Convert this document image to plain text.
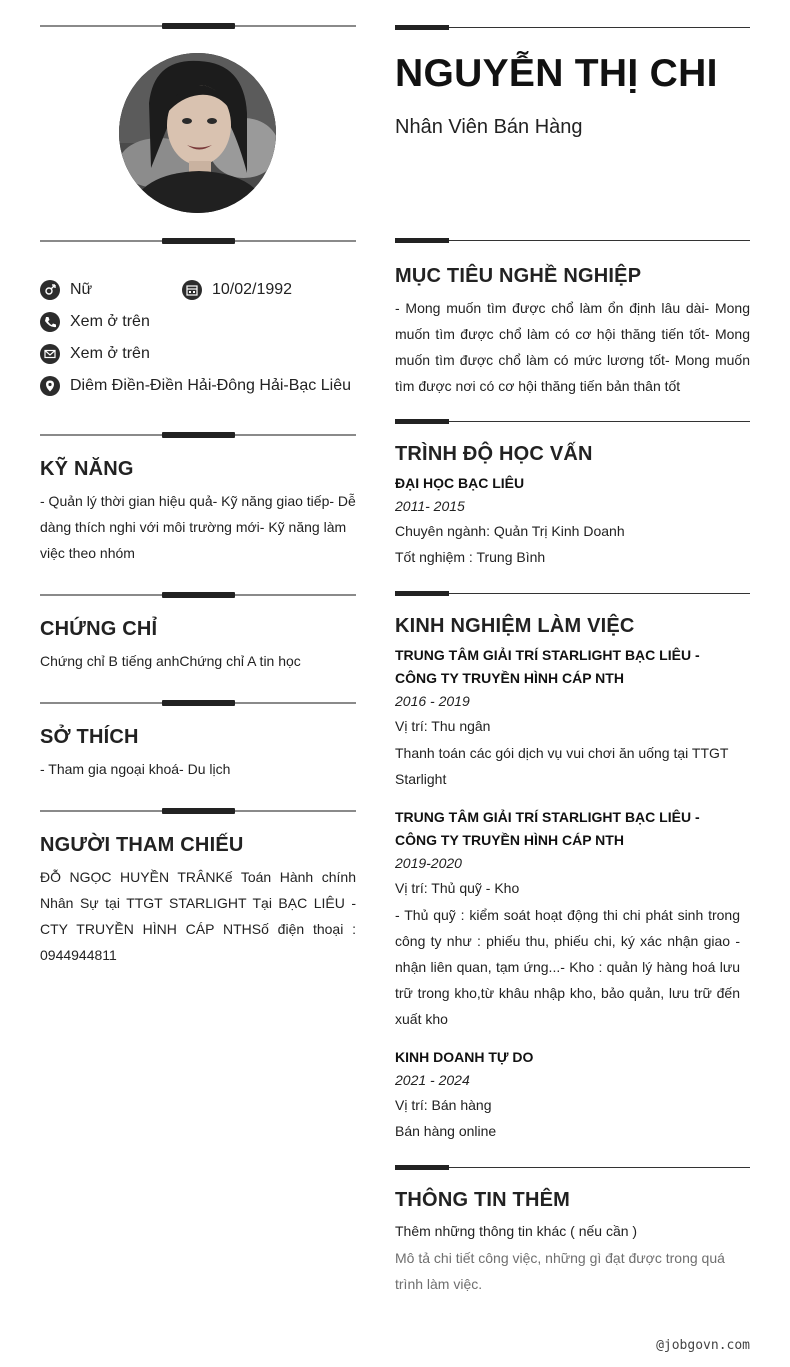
Nữ	10/02/1992
Xem ở trên
Xem ở trên
Diêm Điền-Điền Hải-Đông Hải-Bạc Liêu
KỸ NĂNG
- Quản lý thời gian hiệu quả- Kỹ năng giao tiếp- Dễ dàng thích nghi với môi trường mới- Kỹ năng làm việc theo nhóm
CHỨNG CHỈ
Chứng chỉ B tiếng anhChứng chỉ A tin học
SỞ THÍCH
- Tham gia ngoại khoá- Du lịch
NGƯỜI THAM CHIẾU
ĐỖ NGỌC HUYỀN TRÂNKế Toán Hành chính Nhân Sự tại TTGT STARLIGHT Tại BẠC LIÊU - CTY TRUYỀN HÌNH CÁP NTHSố điện thoại : 0944944811
NGUYỄN THỊ CHI
Nhân Viên Bán Hàng
MỤC TIÊU NGHỀ NGHIỆP
- Mong muốn tìm được chổ làm ổn định lâu dài- Mong muốn tìm được chổ làm có cơ hội thăng tiến tốt- Mong muốn tìm được chổ làm có mức lương tốt- Mong muốn tìm được nơi có cơ hội thăng tiến bản thân tốt
TRÌNH ĐỘ HỌC VẤN
ĐẠI HỌC BẠC LIÊU
2011- 2015
Chuyên ngành: Quản Trị Kinh Doanh
Tốt nghiệm : Trung Bình
KINH NGHIỆM LÀM VIỆC
TRUNG TÂM GIẢI TRÍ STARLIGHT BẠC LIÊU - CÔNG TY TRUYỀN HÌNH CÁP NTH
2016 - 2019
Vị trí: Thu ngân
Thanh toán các gói dịch vụ vui chơi ăn uống tại TTGT Starlight
TRUNG TÂM GIẢI TRÍ STARLIGHT BẠC LIÊU -CÔNG TY TRUYỀN HÌNH CÁP NTH
2019-2020
Vị trí: Thủ quỹ - Kho
- Thủ quỹ : kiểm soát hoạt động thi chi phát sinh trong công ty như : phiếu thu, phiếu chi, ký xác nhận giao - nhận liên quan, tạm ứng...- Kho : quản lý hàng hoá lưu trữ trong kho,từ khâu nhập kho, bảo quản, lưu trữ đến xuất kho
KINH DOANH TỰ DO
2021 - 2024
Vị trí: Bán hàng
Bán hàng online
THÔNG TIN THÊM
Thêm những thông tin khác ( nếu cần )
Mô tả chi tiết công việc, những gì đạt được trong quá trình làm việc.
@jobgovn.com
